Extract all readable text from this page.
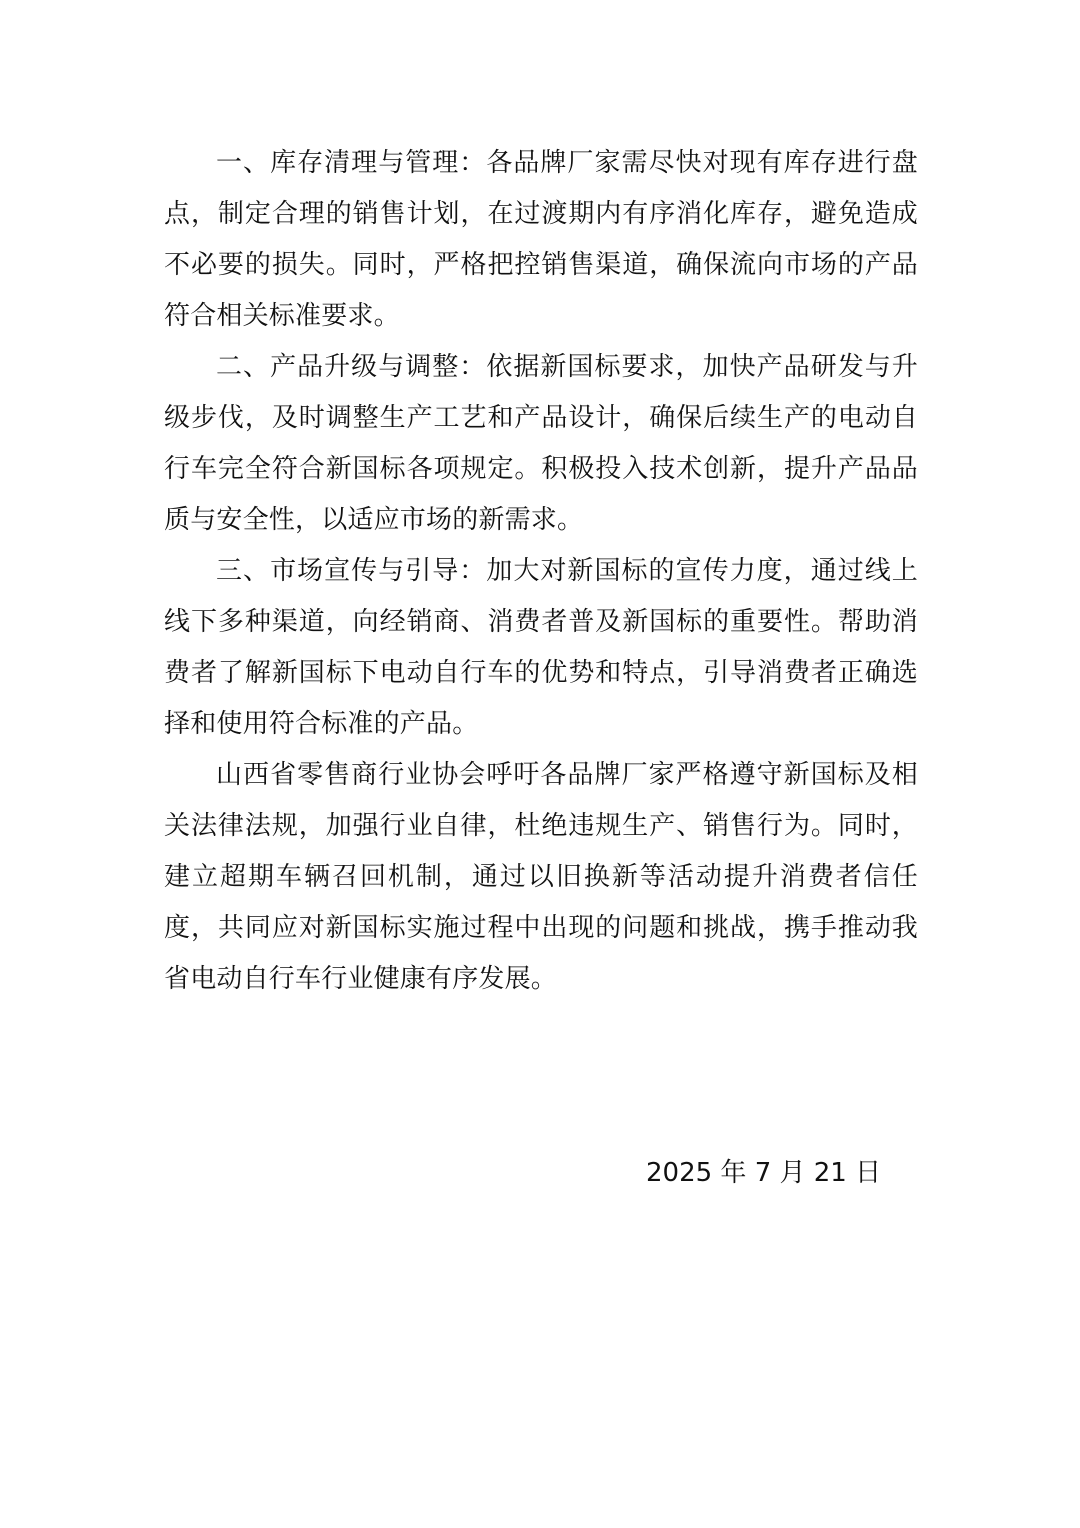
一、库存清理与管理：各品牌厂家需尽快对现有库存进行盘点，制定合理的销售计划，在过渡期内有序消化库存，避免造成不必要的损失。同时，严格把控销售渠道，确保流向市场的产品符合相关标准要求。

二、产品升级与调整：依据新国标要求，加快产品研发与升级步伐，及时调整生产工艺和产品设计，确保后续生产的电动自行车完全符合新国标各项规定。积极投入技术创新，提升产品品质与安全性，以适应市场的新需求。

三、市场宣传与引导：加大对新国标的宣传力度，通过线上线下多种渠道，向经销商、消费者普及新国标的重要性。帮助消费者了解新国标下电动自行车的优势和特点，引导消费者正确选择和使用符合标准的产品。

山西省零售商行业协会呼吁各品牌厂家严格遵守新国标及相关法律法规，加强行业自律，杜绝违规生产、销售行为。同时，建立超期车辆召回机制，通过以旧换新等活动提升消费者信任度，共同应对新国标实施过程中出现的问题和挑战，携手推动我省电动自行车行业健康有序发展。

2025 年 7 月 21 日
